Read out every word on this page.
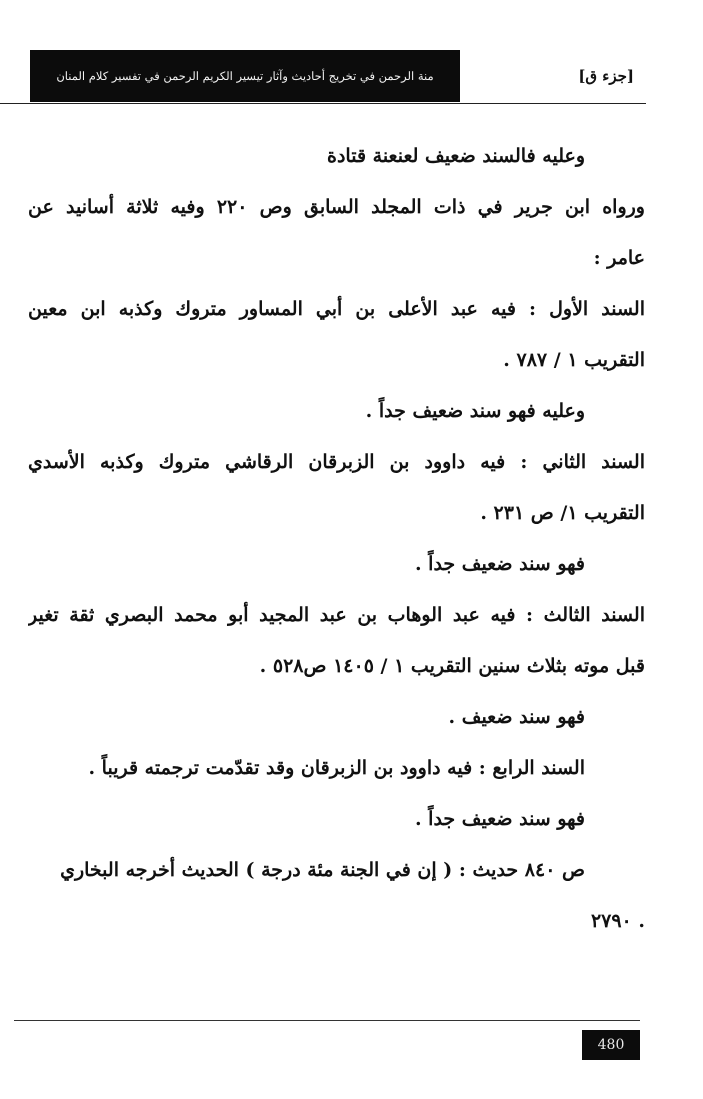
منة الرحمن في تخريج أحاديث وآثار تيسير الكريم الرحمن في تفسير كلام المنان	[جزء ق]
وعليه فالسند ضعيف لعنعنة قتادة
ورواه ابن جرير في ذات المجلد السابق وص ٢٢٠ وفيه ثلاثة أسانيد عن
عامر :
السند الأول : فيه عبد الأعلى بن أبي المساور متروك وكذبه ابن معين
التقريب ١ / ٧٨٧ .
وعليه فهو سند ضعيف جداً .
السند الثاني : فيه داوود بن الزبرقان الرقاشي متروك وكذبه الأسدي
التقريب ١/ ص ٢٣١ .
فهو سند ضعيف جداً .
السند الثالث : فيه عبد الوهاب بن عبد المجيد أبو محمد البصري ثقة تغير
قبل موته بثلاث سنين التقريب ١ / ١٤٠٥ ص٥٢٨ .
فهو سند ضعيف .
السند الرابع : فيه داوود بن الزبرقان وقد تقدّمت ترجمته قريباً .
فهو سند ضعيف جداً .
ص ٨٤٠ حديث : ( إن في الجنة مئة درجة ) الحديث أخرجه البخاري
. ٢٧٩٠
480
